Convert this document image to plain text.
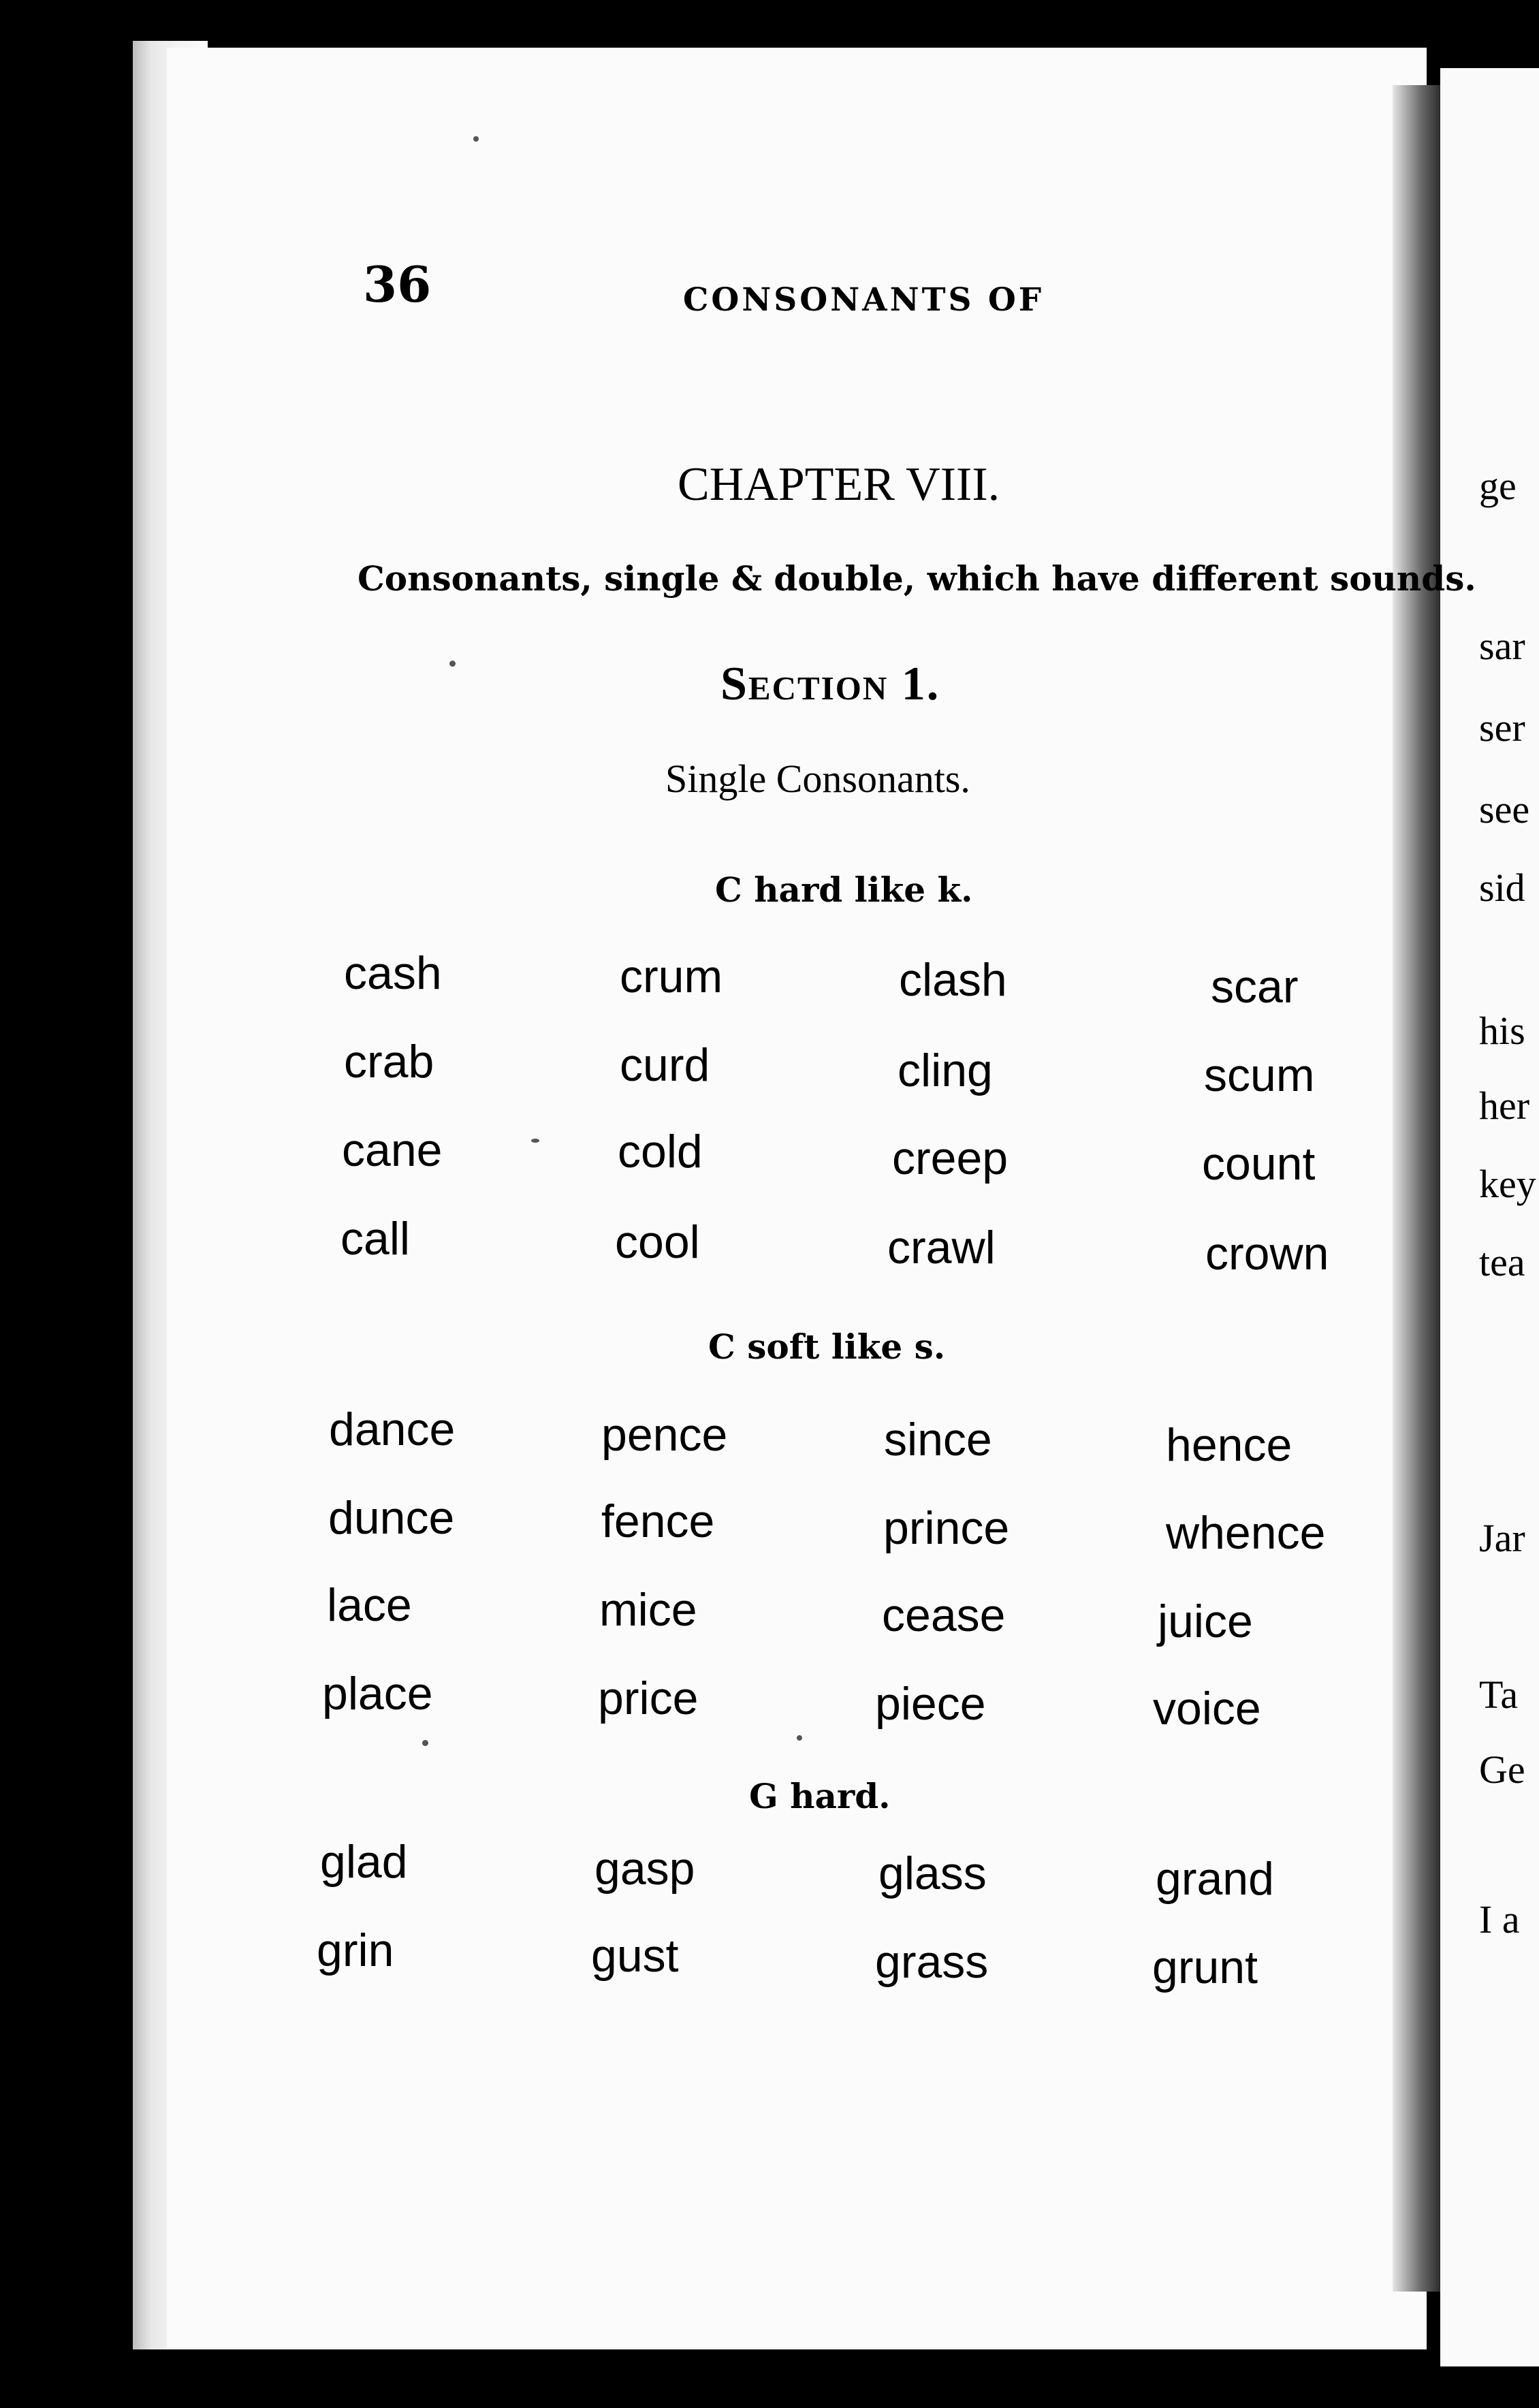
36	CONSONANTS OF
CHAPTER VIII.
Consonants, single & double, which have different sounds.
Section 1.
Single Consonants.
C hard like k.
cash	crum	clash	scar
crab	curd	cling	scum
cane	cold	creep	count
call	cool	crawl	crown
C soft like s.
dance	pence	since	hence
dunce	fence	prince	whence
lace	mice	cease	juice
place	price	piece	voice
G hard.
glad	gasp	glass	grand
grin	gust	grass	grunt
ge
sar
ser
see
sid
his
her
key
tea
Jar
Ta
Ge
I a
